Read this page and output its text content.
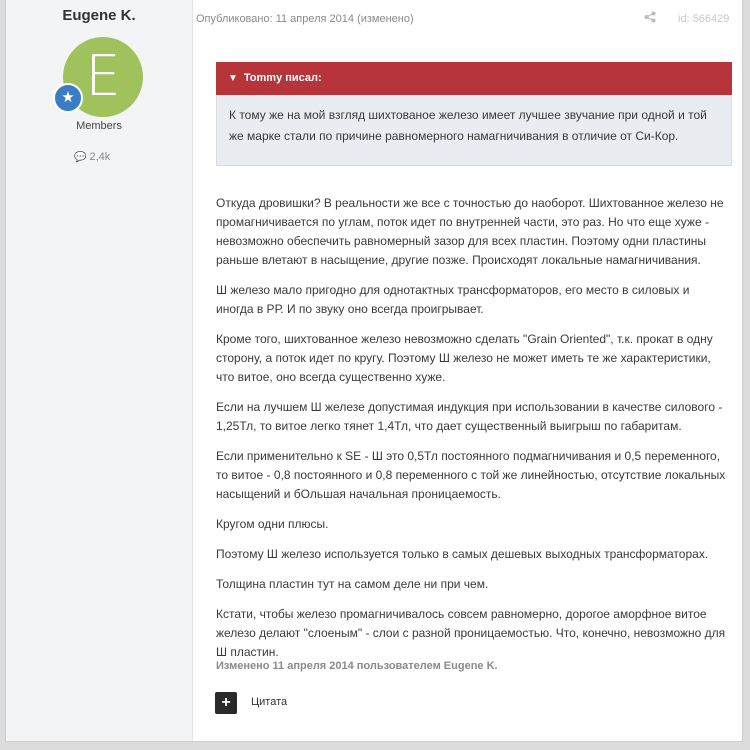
Eugene K.
E
★
Members
💬 2,4k
Опубликовано: 11 апреля 2014 (изменено)	id: 566429
▼ Tommy писал:
К тому же на мой взгляд шихтованое железо имеет лучшее звучание при одной и той же марке стали по причине равномерного намагничивания в отличие от Си-Кор.

Откуда дровишки? В реальности же все с точностью до наоборот. Шихтованное железо не промагничивается по углам, поток идет по внутренней части, это раз. Но что еще хуже - невозможно обеспечить равномерный зазор для всех пластин. Поэтому одни пластины раньше влетают в насыщение, другие позже. Происходят локальные намагничивания.

Ш железо мало пригодно для однотактных трансформаторов, его место в силовых и иногда в РР. И по звуку оно всегда проигрывает.

Кроме того, шихтованное железо невозможно сделать "Grain Oriented", т.к. прокат в одну сторону, а поток идет по кругу. Поэтому Ш железо не может иметь те же характеристики, что витое, оно всегда существенно хуже.

Если на лучшем Ш железе допустимая индукция при использовании в качестве силового - 1,25Тл, то витое легко тянет 1,4Тл, что дает существенный выигрыш по габаритам.

Если применительно к SE - Ш это 0,5Тл постоянного подмагничивания и 0,5 переменного, то витое - 0,8 постоянного и 0,8 переменного с той же линейностью, отсутствие локальных насыщений и бОльшая начальная проницаемость.

Кругом одни плюсы.

Поэтому Ш железо используется только в самых дешевых выходных трансформаторах.

Толщина пластин тут на самом деле ни при чем.

Кстати, чтобы железо промагничивалось совсем равномерно, дорогое аморфное витое железо делают "слоеным" - слои с разной проницаемостью. Что, конечно, невозможно для Ш пластин.

Изменено 11 апреля 2014 пользователем Eugene K.
+	Цитата
